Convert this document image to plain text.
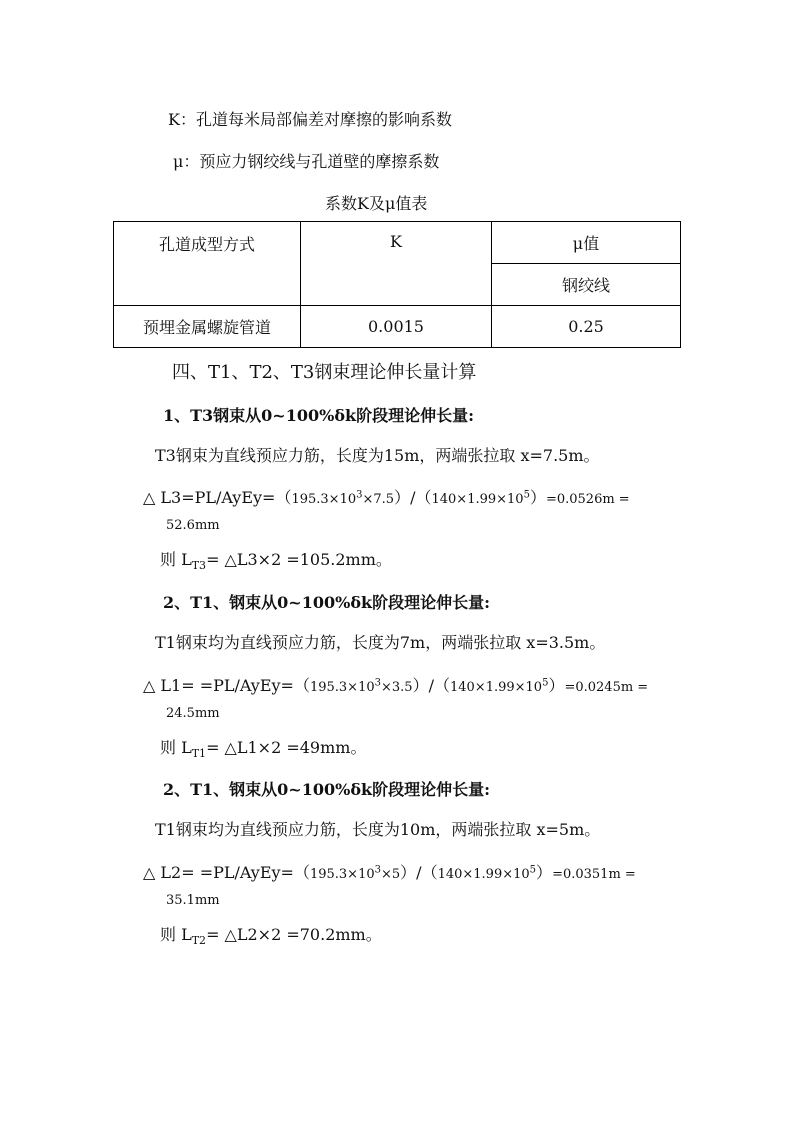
K：孔道每米局部偏差对摩擦的影响系数
μ：预应力钢绞线与孔道壁的摩擦系数
系数K及μ值表
孔道成型方式	K	μ值
		钢绞线
预埋金属螺旋管道	0.0015	0.25
四、T1、T2、T3钢束理论伸长量计算
1、T3钢束从0~100%δk阶段理论伸长量:
T3钢束为直线预应力筋，长度为15m，两端张拉取 x=7.5m。
△ $L3=PL/AyEy=(195.3\times 10^3\times 7.5)/(140\times 1.99\times 10^5)=0.0526m$ =
52.6mm
则 $L_{T3}=$ △L3×2 =105.2mm。
2、T1、钢束从0~100%δk阶段理论伸长量:
T1钢束均为直线预应力筋，长度为7m，两端张拉取 x=3.5m。
△ $L1= =PL/AyEy=(195.3\times 10^3\times 3.5)/(140\times 1.99\times 10^5)=0.0245m$ =
24.5mm
则 $L_{T1}=$ △L1×2 =49mm。
2、T1、钢束从0~100%δk阶段理论伸长量:
T1钢束均为直线预应力筋，长度为10m，两端张拉取 x=5m。
△ $L2= =PL/AyEy=(195.3\times 10^3\times 5)/(140\times 1.99\times 10^5)=0.0351m$ =
35.1mm
则 $L_{T2}=$ △L2×2 =70.2mm。
